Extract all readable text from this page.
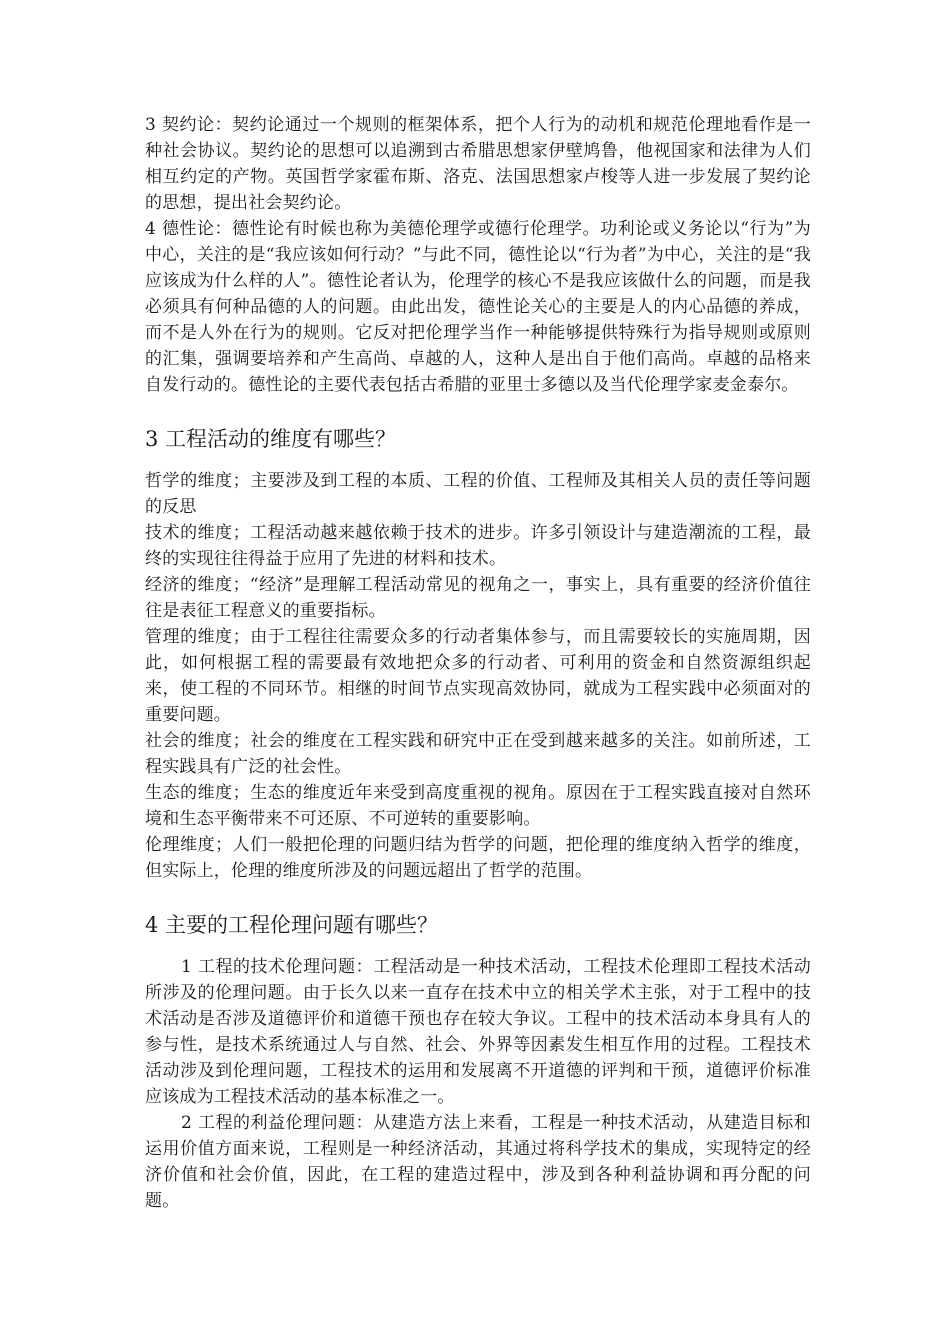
3 契约论：契约论通过一个规则的框架体系，把个人行为的动机和规范伦理地看作是一种社会协议。契约论的思想可以追溯到古希腊思想家伊壁鸠鲁，他视国家和法律为人们相互约定的产物。英国哲学家霍布斯、洛克、法国思想家卢梭等人进一步发展了契约论的思想，提出社会契约论。

4 德性论：德性论有时候也称为美德伦理学或德行伦理学。功利论或义务论以“行为”为中心，关注的是“我应该如何行动？”与此不同，德性论以“行为者”为中心，关注的是“我应该成为什么样的人”。德性论者认为，伦理学的核心不是我应该做什么的问题，而是我必须具有何种品德的人的问题。由此出发，德性论关心的主要是人的内心品德的养成，而不是人外在行为的规则。它反对把伦理学当作一种能够提供特殊行为指导规则或原则的汇集，强调要培养和产生高尚、卓越的人，这种人是出自于他们高尚。卓越的品格来自发行动的。德性论的主要代表包括古希腊的亚里士多德以及当代伦理学家麦金泰尔。

3 工程活动的维度有哪些？

哲学的维度；主要涉及到工程的本质、工程的价值、工程师及其相关人员的责任等问题的反思

技术的维度；工程活动越来越依赖于技术的进步。许多引领设计与建造潮流的工程，最终的实现往往得益于应用了先进的材料和技术。

经济的维度；“经济”是理解工程活动常见的视角之一，事实上，具有重要的经济价值往往是表征工程意义的重要指标。

管理的维度；由于工程往往需要众多的行动者集体参与，而且需要较长的实施周期，因此，如何根据工程的需要最有效地把众多的行动者、可利用的资金和自然资源组织起来，使工程的不同环节。相继的时间节点实现高效协同，就成为工程实践中必须面对的重要问题。

社会的维度；社会的维度在工程实践和研究中正在受到越来越多的关注。如前所述，工程实践具有广泛的社会性。

生态的维度；生态的维度近年来受到高度重视的视角。原因在于工程实践直接对自然环境和生态平衡带来不可还原、不可逆转的重要影响。

伦理维度；人们一般把伦理的问题归结为哲学的问题，把伦理的维度纳入哲学的维度，但实际上，伦理的维度所涉及的问题远超出了哲学的范围。

4 主要的工程伦理问题有哪些？

1 工程的技术伦理问题：工程活动是一种技术活动，工程技术伦理即工程技术活动所涉及的伦理问题。由于长久以来一直存在技术中立的相关学术主张，对于工程中的技术活动是否涉及道德评价和道德干预也存在较大争议。工程中的技术活动本身具有人的参与性，是技术系统通过人与自然、社会、外界等因素发生相互作用的过程。工程技术活动涉及到伦理问题，工程技术的运用和发展离不开道德的评判和干预，道德评价标准应该成为工程技术活动的基本标准之一。

2 工程的利益伦理问题：从建造方法上来看，工程是一种技术活动，从建造目标和运用价值方面来说，工程则是一种经济活动，其通过将科学技术的集成，实现特定的经济价值和社会价值，因此，在工程的建造过程中，涉及到各种利益协调和再分配的问题。
